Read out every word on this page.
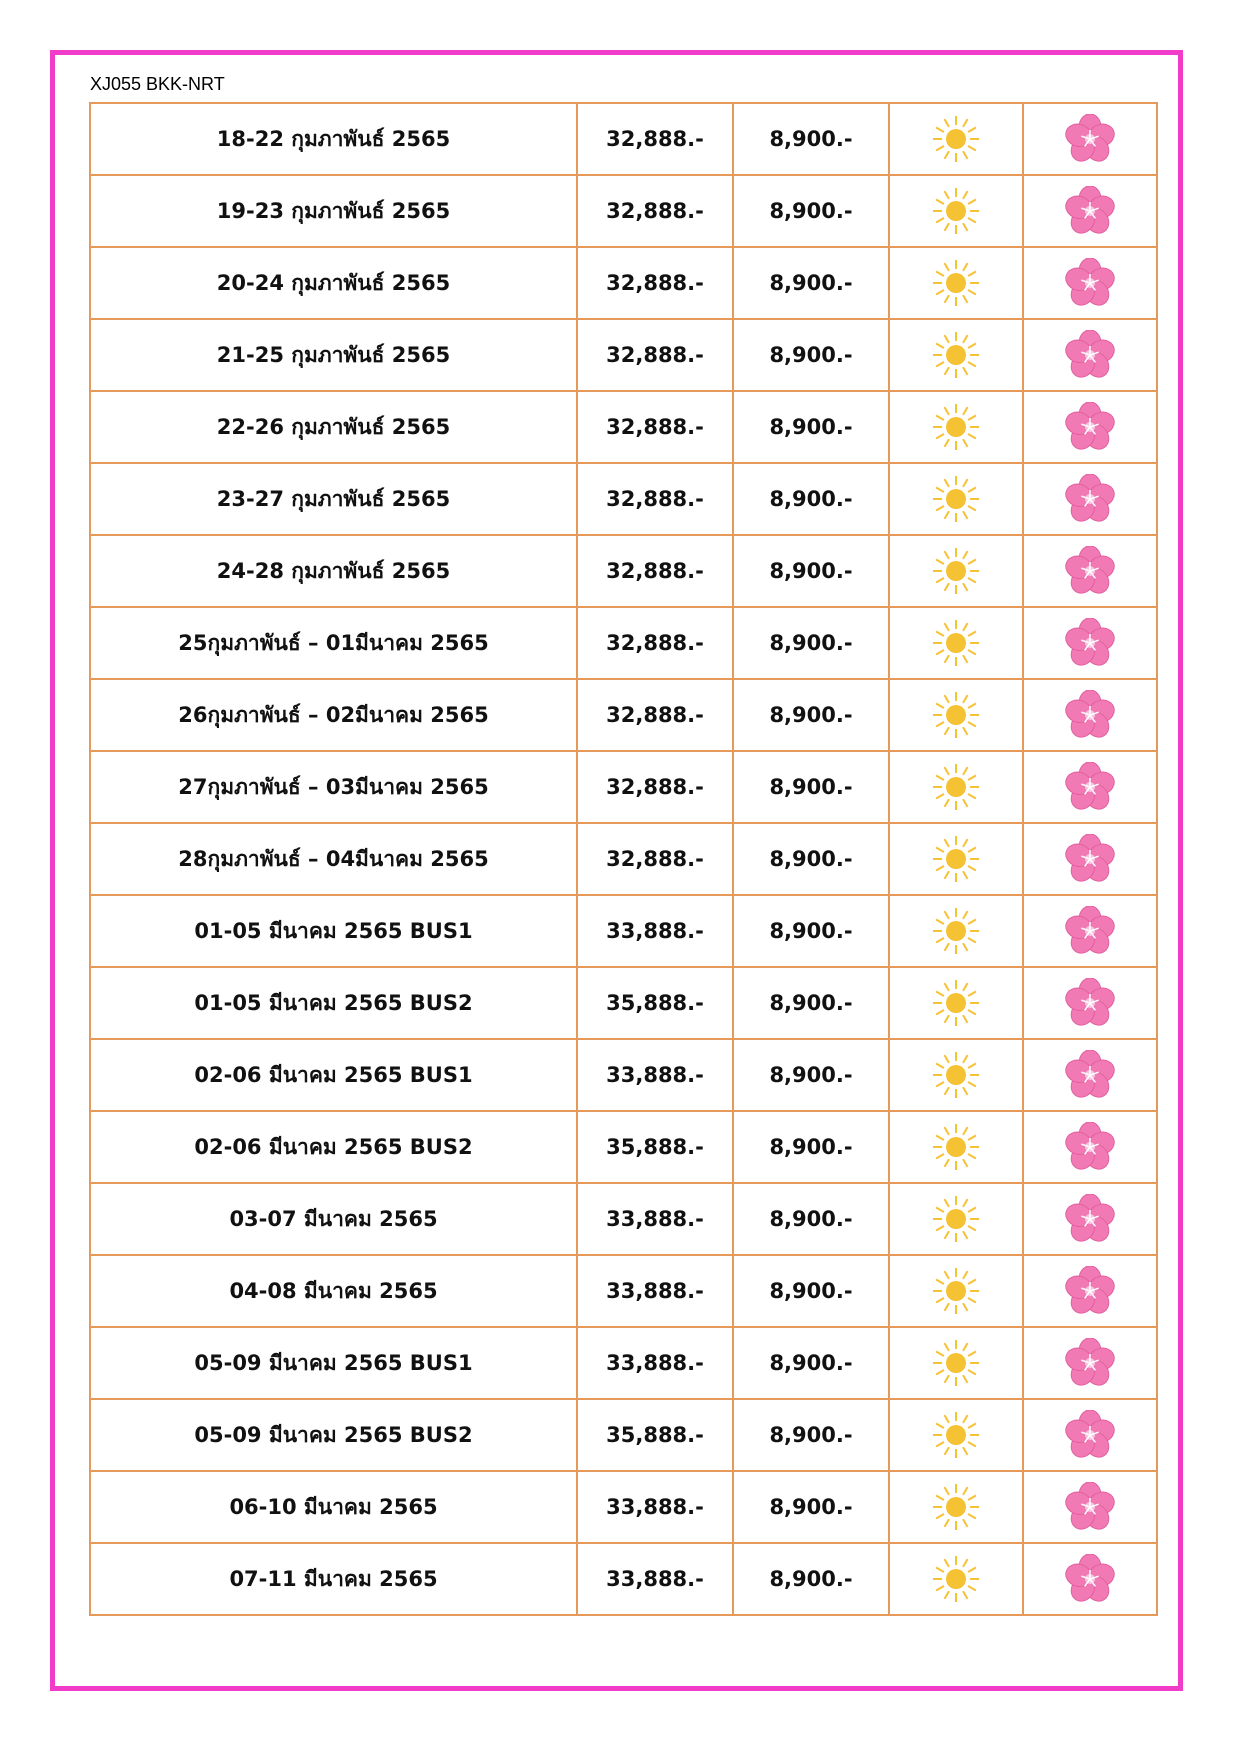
XJ055 BKK-NRT
18-22 กุมภาพันธ์ 2565	32,888.-	8,900.-	

19-23 กุมภาพันธ์ 2565	32,888.-	8,900.-	

20-24 กุมภาพันธ์ 2565	32,888.-	8,900.-	

21-25 กุมภาพันธ์ 2565	32,888.-	8,900.-	

22-26 กุมภาพันธ์ 2565	32,888.-	8,900.-	

23-27 กุมภาพันธ์ 2565	32,888.-	8,900.-	

24-28 กุมภาพันธ์ 2565	32,888.-	8,900.-	

25กุมภาพันธ์ – 01มีนาคม 2565	32,888.-	8,900.-	

26กุมภาพันธ์ – 02มีนาคม 2565	32,888.-	8,900.-	

27กุมภาพันธ์ – 03มีนาคม 2565	32,888.-	8,900.-	

28กุมภาพันธ์ – 04มีนาคม 2565	32,888.-	8,900.-	

01-05 มีนาคม 2565 BUS1	33,888.-	8,900.-	

01-05 มีนาคม 2565 BUS2	35,888.-	8,900.-	

02-06 มีนาคม 2565 BUS1	33,888.-	8,900.-	

02-06 มีนาคม 2565 BUS2	35,888.-	8,900.-	

03-07 มีนาคม 2565	33,888.-	8,900.-	

04-08 มีนาคม 2565	33,888.-	8,900.-	

05-09 มีนาคม 2565 BUS1	33,888.-	8,900.-	

05-09 มีนาคม 2565 BUS2	35,888.-	8,900.-	

06-10 มีนาคม 2565	33,888.-	8,900.-	

07-11 มีนาคม 2565	33,888.-	8,900.-	
